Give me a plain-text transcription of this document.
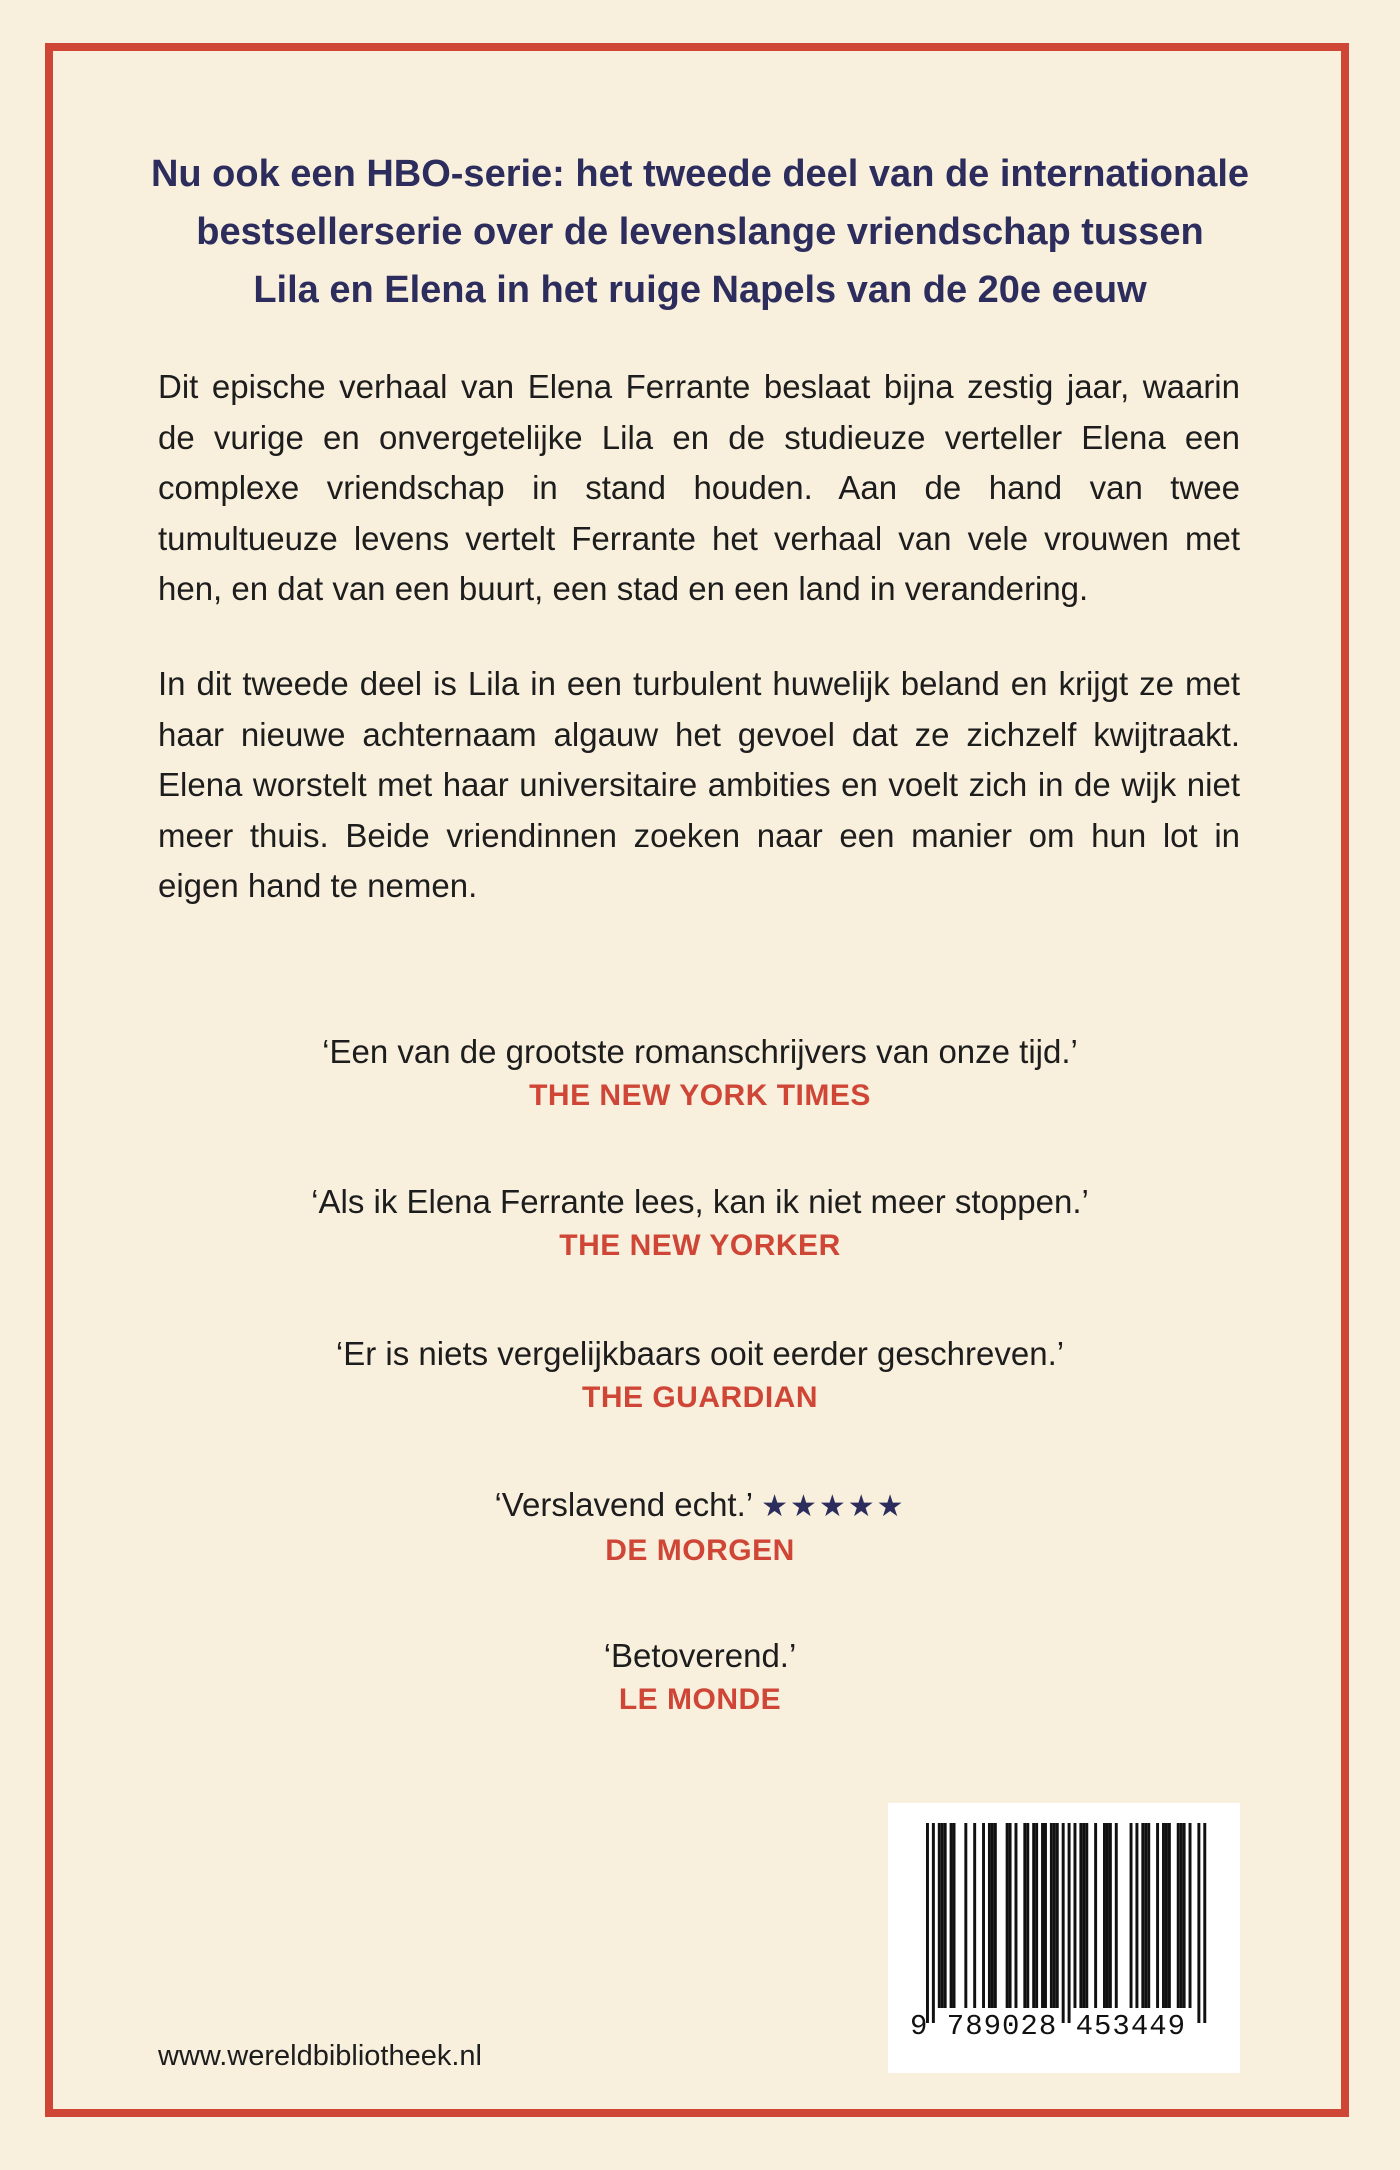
Nu ook een HBO-serie: het tweede deel van de internationale
bestsellerserie over de levenslange vriendschap tussen
Lila en Elena in het ruige Napels van de 20e eeuw

Dit epische verhaal van Elena Ferrante beslaat bijna zestig jaar, waarin de vurige en onvergetelijke Lila en de studieuze verteller Elena een complexe vriendschap in stand houden. Aan de hand van twee tumultueuze levens vertelt Ferrante het verhaal van vele vrouwen met hen, en dat van een buurt, een stad en een land in verandering.

In dit tweede deel is Lila in een turbulent huwelijk beland en krijgt ze met haar nieuwe achternaam algauw het gevoel dat ze zichzelf kwijtraakt. Elena worstelt met haar universitaire ambities en voelt zich in de wijk niet meer thuis. Beide vriendinnen zoeken naar een manier om hun lot in eigen hand te nemen.

‘Een van de grootste romanschrijvers van onze tijd.’
THE NEW YORK TIMES
‘Als ik Elena Ferrante lees, kan ik niet meer stoppen.’
THE NEW YORKER
‘Er is niets vergelijkbaars ooit eerder geschreven.’
THE GUARDIAN
‘Verslavend echt.’ ★★★★★
DE MORGEN
‘Betoverend.’
LE MONDE
9 789028 453449
www.wereldbibliotheek.nl
